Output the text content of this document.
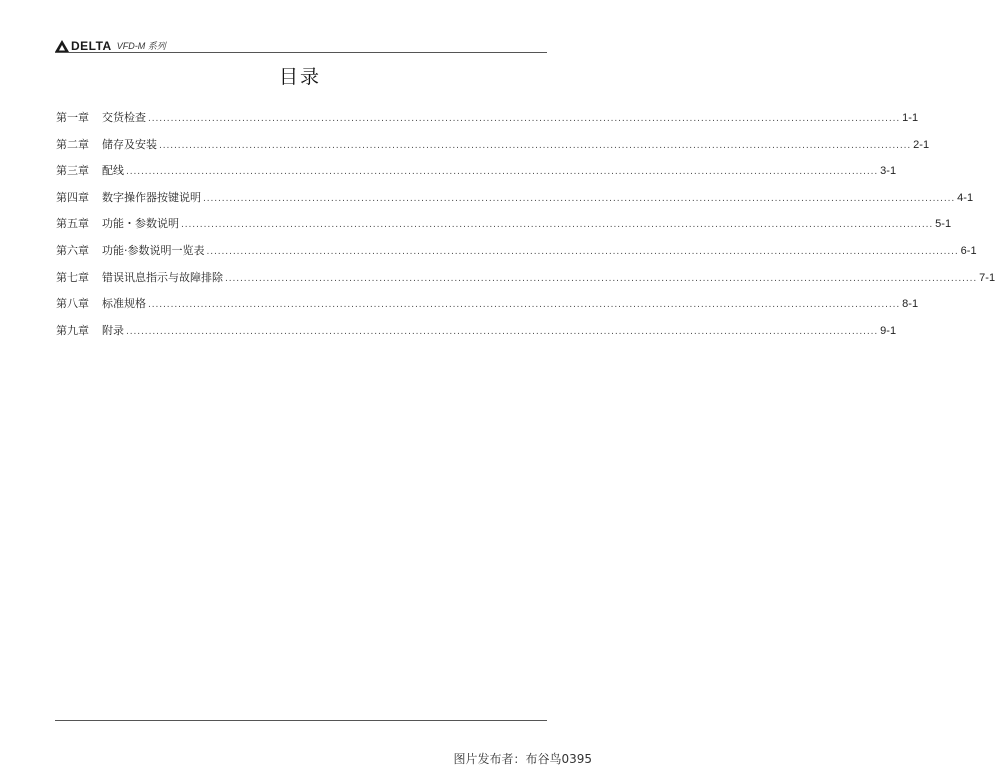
DELTA VFD-M 系列
目录
第一章	交货检查 ........................................................................................................................................................................................................ 1-1
第二章	储存及安装 ........................................................................................................................................................................................................ 2-1
第三章	配线 ........................................................................................................................................................................................................ 3-1
第四章	数字操作器按键说明 ........................................................................................................................................................................................................ 4-1
第五章	功能・参数说明 ........................................................................................................................................................................................................ 5-1
第六章	功能·参数说明一览表 ........................................................................................................................................................................................................ 6-1
第七章	错误讯息指示与故障排除 ........................................................................................................................................................................................................ 7-1
第八章	标准规格 ........................................................................................................................................................................................................ 8-1
第九章	附录 ........................................................................................................................................................................................................ 9-1
图片发布者：布谷鸟0395
